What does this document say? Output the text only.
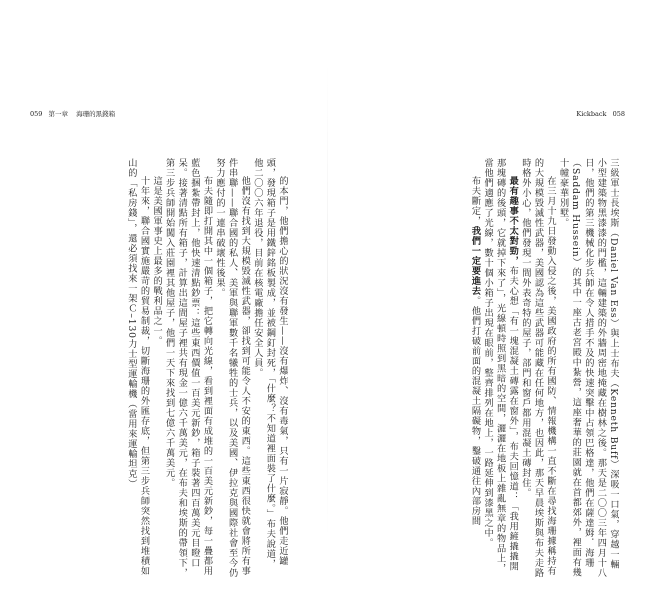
059 第一章 海珊的黑錢箱	Kickback 058

的本門，他們擔心的狀況沒有發生——沒有爆炸、沒有毒氣，只有一片寂靜。他們走近罐頭，發現箱子是用鐵鋅銘板製成，並被鋼釘封死，「什麼？不知道裡面裝了什麼。」布夫說道，他二〇〇六年退役，目前在核電廠擔任安全人員。

他們沒有找到大規模毀滅性武器，卻找到可能令人不安的東西。這些東西很快就會將所有事件串聯——聯合國的私人、美軍與聯軍數千名犧牲的士兵，以及美國、伊拉克與國際社會至今仍努力應付的一連串破壞性後果。

布夫隨即打開其中一個箱子，把它轉向光線，看到裡面有成堆的一百美元新鈔，每一疊都用藍色捆紮帶封上，他快速清點鈔票：這些東西價值一百美元新鈔，箱子裝著四百萬美元目瞪口呆。接著清點所有箱子，計算出這間屋子裡共有現金一億六千萬美元，在布夫和埃斯的帶領下，第三步兵師開始闖入莊園裡其他屋子，他們一天下來找到七億六千萬美元。

這是美國軍事史上最多的戰利品之一。

十年來，聯合國實施嚴苛的貿易制裁，切斷海珊的外匯存底，但第三步兵師突然找到堆積如山的「私房錢」，還必須找來一架Ｃ–130力士型運輸機（當用來運輸坦克）	三級軍士長埃斯（Daniel Van Ess）與上士布夫（Kenneth Buff）深吸一口氣，穿越一輛小型建築物黑漆漆的門檻，這輛建築的外牆周密地掩藏在樹林之後。那天是二〇〇三年四月十八日，他們的第三機械化步兵師在令人措手不及的快速突擊中占領巴格達，他們在薩達姆．海珊（Saddam Hussein）的其中一座古老宮殿中紮營，這座奢華的莊園就在首都郊外，裡面有幾十幢豪華別墅。

在三月十九日發動入侵之後，美國政府的所有國防、情報機構一直不斷在尋找海珊據稱持有的大規模毀滅性武器，美國認為這些武器可能藏在任何地方，也因此，那天早晨埃斯與布夫走路時格外小心，他們發現一間外表奇特的屋子，部門和窗戶都用混凝土磚封住。

最有趣事不太對勁，布夫心想「有一塊混凝土磚露在窗外」，布夫回憶道：「我用鏟撬撬開那塊磚的後頭，它就掉下來了」，光線頓時照到黑暗的空間，灑灑在地板上雜亂無章的物品上，當他們適應了光線，數十個小箱子出現在眼前，整齊排列在地上，一路延伸到漆黑之中。

布夫斷定，我們一定要進去。他們打破前面的混凝土隔礙物，鑿破通往內部房間
